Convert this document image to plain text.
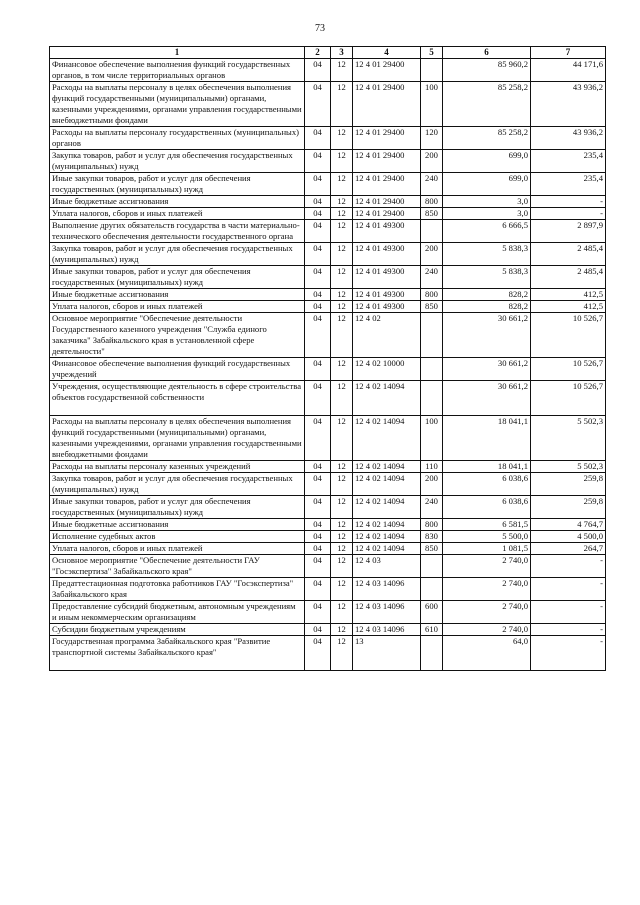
73
1	2	3	4	5	6	7
Финансовое обеспечение выполнения функций государственных органов, в том числе территориальных органов	04	12	12 4 01 29400		85 960,2	44 171,6
Расходы на выплаты персоналу в целях обеспечения выполнения функций государственными (муниципальными) органами, казенными учреждениями, органами управления государственными внебюджетными фондами	04	12	12 4 01 29400	100	85 258,2	43 936,2
Расходы на выплаты персоналу государственных (муниципальных) органов	04	12	12 4 01 29400	120	85 258,2	43 936,2
Закупка товаров, работ и услуг для обеспечения государственных (муниципальных) нужд	04	12	12 4 01 29400	200	699,0	235,4
Иные закупки товаров, работ и услуг для обеспечения государственных (муниципальных) нужд	04	12	12 4 01 29400	240	699,0	235,4
Иные бюджетные ассигнования	04	12	12 4 01 29400	800	3,0	-
Уплата налогов, сборов и иных платежей	04	12	12 4 01 29400	850	3,0	-
Выполнение других обязательств государства в части материально-технического обеспечения деятельности государственного органа	04	12	12 4 01 49300		6 666,5	2 897,9
Закупка товаров, работ и услуг для обеспечения государственных (муниципальных) нужд	04	12	12 4 01 49300	200	5 838,3	2 485,4
Иные закупки товаров, работ и услуг для обеспечения государственных (муниципальных) нужд	04	12	12 4 01 49300	240	5 838,3	2 485,4
Иные бюджетные ассигнования	04	12	12 4 01 49300	800	828,2	412,5
Уплата налогов, сборов и иных платежей	04	12	12 4 01 49300	850	828,2	412,5
Основное мероприятие "Обеспечение деятельности Государственного казенного учреждения "Служба единого заказчика" Забайкальского края в установленной сфере деятельности"	04	12	12 4 02		30 661,2	10 526,7
Финансовое обеспечение выполнения функций государственных учреждений	04	12	12 4 02 10000		30 661,2	10 526,7
Учреждения, осуществляющие деятельность в сфере строительства объектов государственной собственности	04	12	12 4 02 14094		30 661,2	10 526,7
Расходы на выплаты персоналу в целях обеспечения выполнения функций государственными (муниципальными) органами, казенными учреждениями, органами управления государственными внебюджетными фондами	04	12	12 4 02 14094	100	18 041,1	5 502,3
Расходы на выплаты персоналу казенных учреждений	04	12	12 4 02 14094	110	18 041,1	5 502,3
Закупка товаров, работ и услуг для обеспечения государственных (муниципальных) нужд	04	12	12 4 02 14094	200	6 038,6	259,8
Иные закупки товаров, работ и услуг для обеспечения государственных (муниципальных) нужд	04	12	12 4 02 14094	240	6 038,6	259,8
Иные бюджетные ассигнования	04	12	12 4 02 14094	800	6 581,5	4 764,7
Исполнение судебных актов	04	12	12 4 02 14094	830	5 500,0	4 500,0
Уплата налогов, сборов и иных платежей	04	12	12 4 02 14094	850	1 081,5	264,7
Основное мероприятие "Обеспечение деятельности ГАУ "Госэкспертиза" Забайкальского края"	04	12	12 4 03		2 740,0	-
Предаттестационная подготовка работников ГАУ "Госэкспертиза" Забайкальского края	04	12	12 4 03 14096		2 740,0	-
Предоставление субсидий бюджетным, автономным учреждениям и иным некоммерческим организациям	04	12	12 4 03 14096	600	2 740,0	-
Субсидии бюджетным учреждениям	04	12	12 4 03 14096	610	2 740,0	-
Государственная программа Забайкальского края "Развитие транспортной системы Забайкальского края"	04	12	13		64,0	-
